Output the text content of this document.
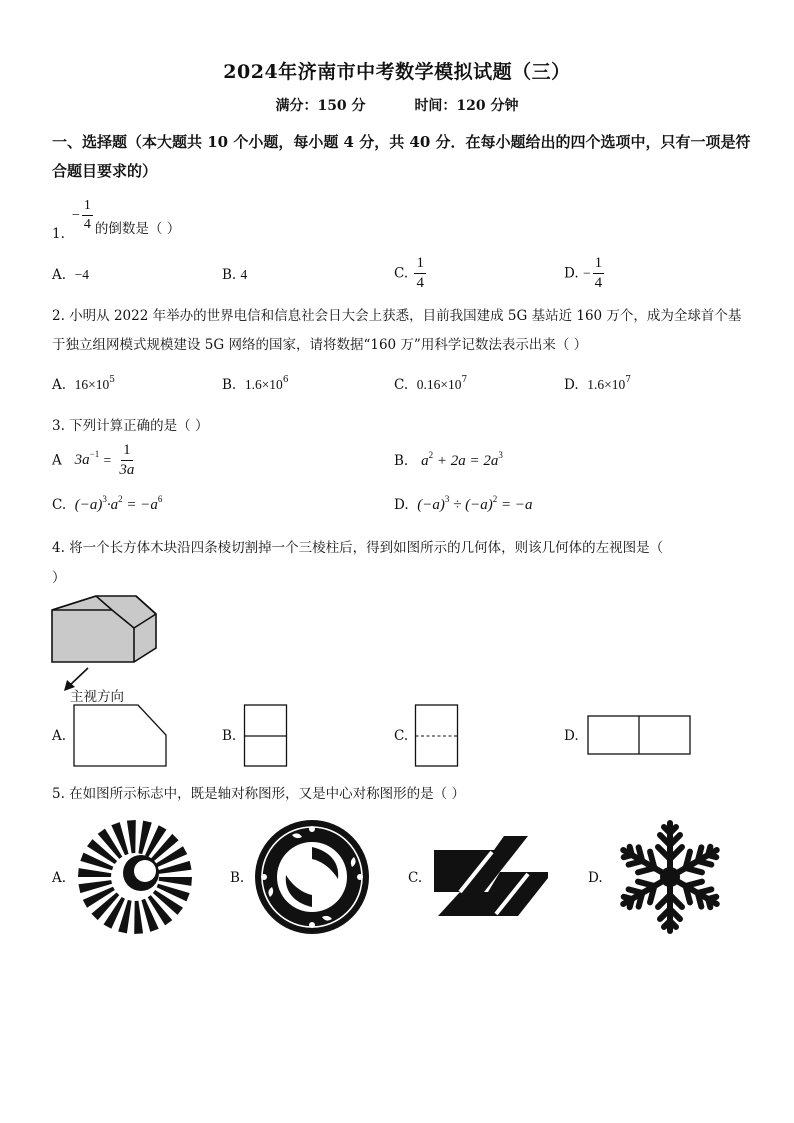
2024年济南市中考数学模拟试题（三）
满分：150 分	时间：120 分钟
一、选择题（本大题共 10 个小题，每小题 4 分，共 40 分．在每小题给出的四个选项中，只有一项是符合题目要求的）
1.
− $\frac{1}{4}$ 的倒数是（ ）
A. −4	B. 4	C. $\frac{1}{4}$	D. − $\frac{1}{4}$
2. 小明从 2022 年举办的世界电信和信息社会日大会上获悉，目前我国建成 5G 基站近 160 万个，成为全球首个基于独立组网模式规模建设 5G 网络的国家，请将数据“160 万”用科学记数法表示出来（ ）
A. $16\times 10^5$	B. $1.6\times 10^6$	C. $0.16\times 10^7$	D. $1.6\times 10^7$
3. 下列计算正确的是（ ）
A $3a^{-1} = \frac{1}{3a}$	B. $a^2 + 2a = 2a^3$
C. $(-a)^3\cdot a^2 = -a^6$	D. $(-a)^3 \div (-a)^2 = -a$
4. 将一个长方体木块沿四条棱切割掉一个三棱柱后，得到如图所示的几何体，则该几何体的左视图是（
）
主视方向
A.	B.	C.	D.
5. 在如图所示标志中，既是轴对称图形，又是中心对称图形的是（ ）
A.	B.	C.	D.
